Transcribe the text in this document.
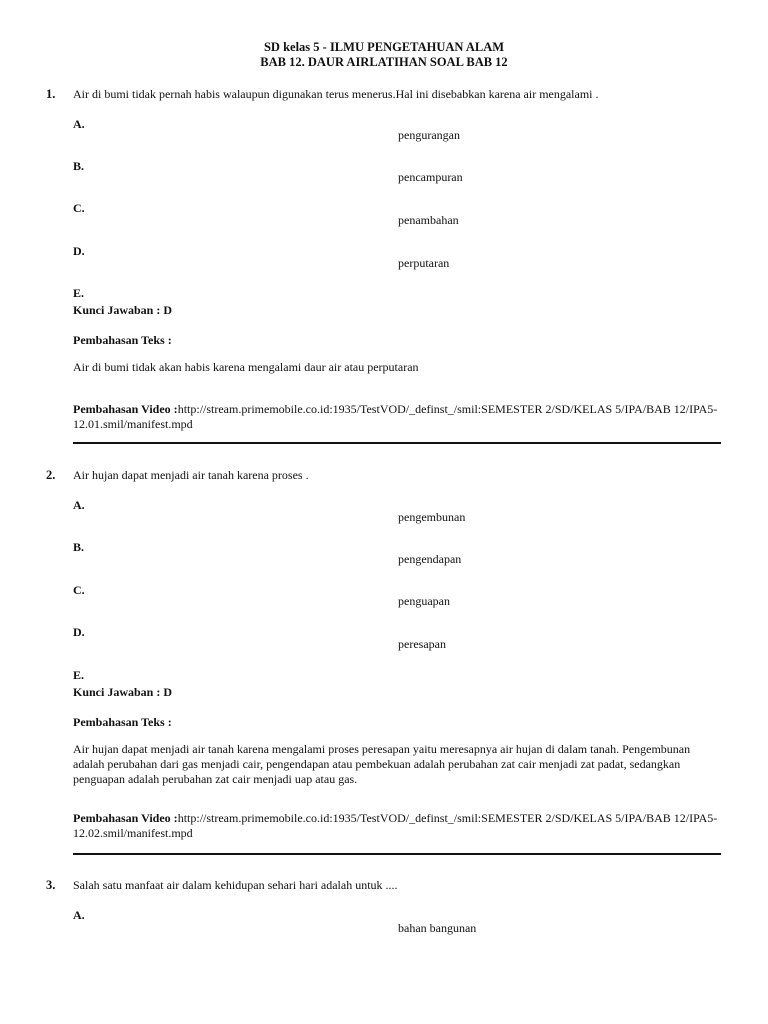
SD kelas 5 - ILMU PENGETAHUAN ALAM
BAB 12. DAUR AIRLATIHAN SOAL BAB 12
1. Air di bumi tidak pernah habis walaupun digunakan terus menerus.Hal ini disebabkan karena air mengalami .
A.
pengurangan
B.
pencampuran
C.
penambahan
D.
perputaran
E.
Kunci Jawaban : D
Pembahasan Teks :
Air di bumi tidak akan habis karena mengalami daur air atau perputaran
Pembahasan Video :http://stream.primemobile.co.id:1935/TestVOD/_definst_/smil:SEMESTER 2/SD/KELAS 5/IPA/BAB 12/IPA5-12.01.smil/manifest.mpd
2. Air hujan dapat menjadi air tanah karena proses .
A.
pengembunan
B.
pengendapan
C.
penguapan
D.
peresapan
E.
Kunci Jawaban : D
Pembahasan Teks :
Air hujan dapat menjadi air tanah karena mengalami proses peresapan yaitu meresapnya air hujan di dalam tanah. Pengembunan adalah perubahan dari gas menjadi cair, pengendapan atau pembekuan adalah perubahan zat cair menjadi zat padat, sedangkan penguapan adalah perubahan zat cair menjadi uap atau gas.
Pembahasan Video :http://stream.primemobile.co.id:1935/TestVOD/_definst_/smil:SEMESTER 2/SD/KELAS 5/IPA/BAB 12/IPA5-12.02.smil/manifest.mpd
3. Salah satu manfaat air dalam kehidupan sehari hari adalah untuk ....
A.
bahan bangunan
